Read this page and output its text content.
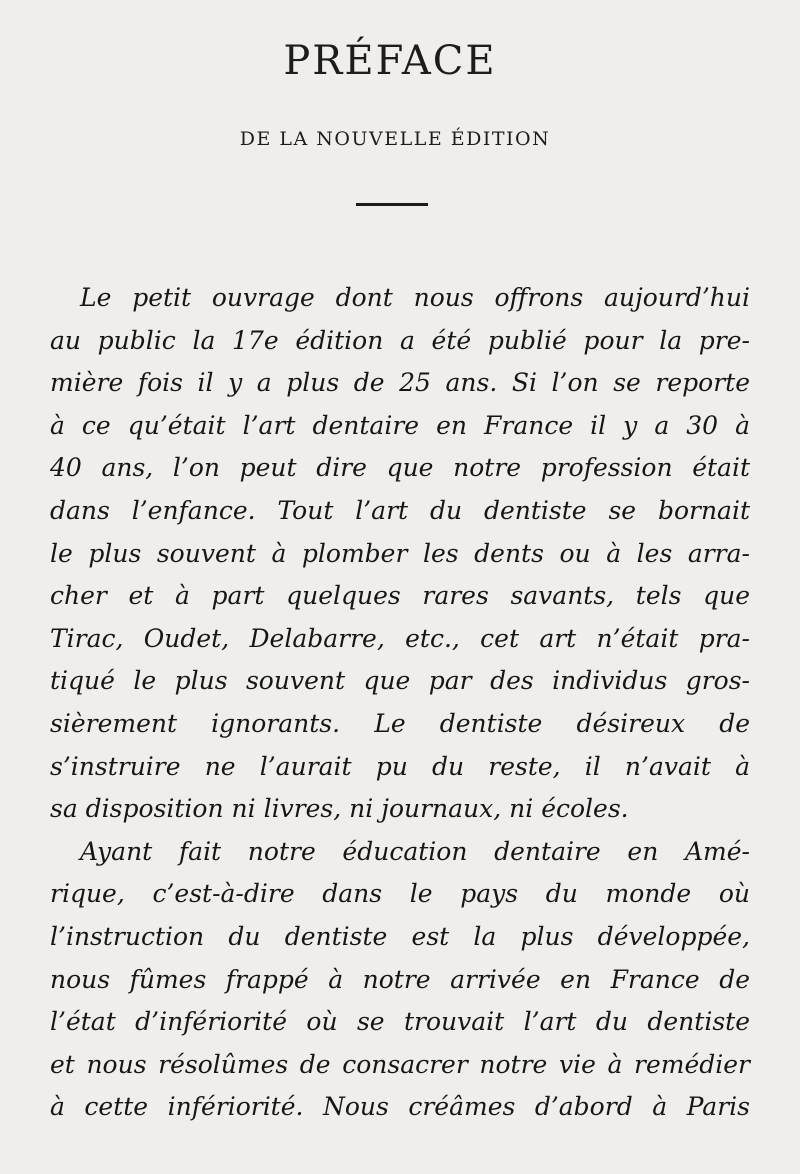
PRÉFACE
DE LA NOUVELLE ÉDITION
Le petit ouvrage dont nous offrons aujourd’hui
au public la 17e édition a été publié pour la pre-
mière fois il y a plus de 25 ans. Si l’on se reporte
à ce qu’était l’art dentaire en France il y a 30 à
40 ans, l’on peut dire que notre profession était
dans l’enfance. Tout l’art du dentiste se bornait
le plus souvent à plomber les dents ou à les arra-
cher et à part quelques rares savants, tels que
Tirac, Oudet, Delabarre, etc., cet art n’était pra-
tiqué le plus souvent que par des individus gros-
sièrement ignorants. Le dentiste désireux de
s’instruire ne l’aurait pu du reste, il n’avait à
sa disposition ni livres, ni journaux, ni écoles.
Ayant fait notre éducation dentaire en Amé-
rique, c’est-à-dire dans le pays du monde où
l’instruction du dentiste est la plus développée,
nous fûmes frappé à notre arrivée en France de
l’état d’infériorité où se trouvait l’art du dentiste
et nous résolûmes de consacrer notre vie à remédier
à cette infériorité. Nous créâmes d’abord à Paris
